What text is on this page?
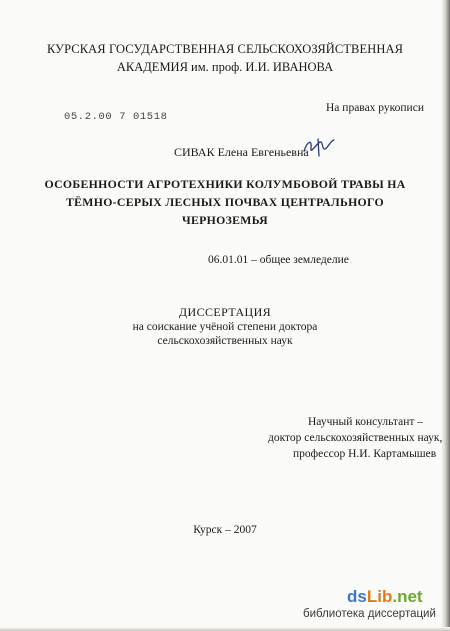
КУРСКАЯ ГОСУДАРСТВЕННАЯ СЕЛЬСКОХОЗЯЙСТВЕННАЯ
АКАДЕМИЯ им. проф. И.И. ИВАНОВА
На правах рукописи
05.2.00 7 01518
СИВАК Елена Евгеньевна
ОСОБЕННОСТИ АГРОТЕХНИКИ КОЛУМБОВОЙ ТРАВЫ НА
ТЁМНО-СЕРЫХ ЛЕСНЫХ ПОЧВАХ ЦЕНТРАЛЬНОГО
ЧЕРНОЗЕМЬЯ
06.01.01 – общее земледелие
ДИССЕРТАЦИЯ
на соискание учёной степени доктора
сельскохозяйственных наук
Научный консультант –
доктор сельскохозяйственных наук,
профессор Н.И. Картамышев
Курск – 2007
dsLib.net
библиотека диссертаций
